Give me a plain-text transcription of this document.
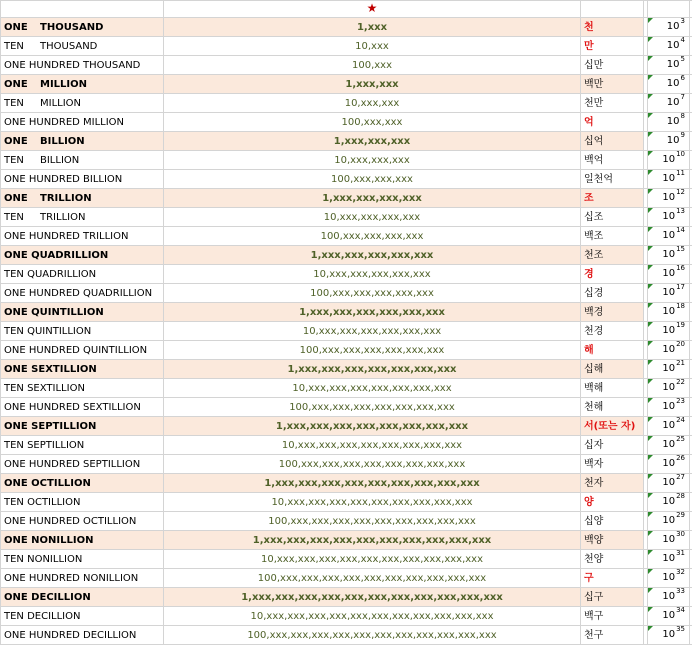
	★				
ONE THOUSAND	1,xxx	천		$10^3$	
TEN THOUSAND	10,xxx	만		$10^4$	
ONE HUNDRED THOUSAND	100,xxx	십만		$10^5$	
ONE MILLION	1,xxx,xxx	백만		$10^6$	
TEN MILLION	10,xxx,xxx	천만		$10^7$	
ONE HUNDRED MILLION	100,xxx,xxx	억		$10^8$	
ONE BILLION	1,xxx,xxx,xxx	십억		$10^9$	
TEN BILLION	10,xxx,xxx,xxx	백억		$10^{10}$	
ONE HUNDRED BILLION	100,xxx,xxx,xxx	일천억		$10^{11}$	
ONE TRILLION	1,xxx,xxx,xxx,xxx	조		$10^{12}$	
TEN TRILLION	10,xxx,xxx,xxx,xxx	십조		$10^{13}$	
ONE HUNDRED TRILLION	100,xxx,xxx,xxx,xxx	백조		$10^{14}$	
ONE QUADRILLION	1,xxx,xxx,xxx,xxx,xxx	천조		$10^{15}$	
TEN QUADRILLION	10,xxx,xxx,xxx,xxx,xxx	경		$10^{16}$	
ONE HUNDRED QUADRILLION	100,xxx,xxx,xxx,xxx,xxx	십경		$10^{17}$	
ONE QUINTILLION	1,xxx,xxx,xxx,xxx,xxx,xxx	백경		$10^{18}$	
TEN QUINTILLION	10,xxx,xxx,xxx,xxx,xxx,xxx	천경		$10^{19}$	
ONE HUNDRED QUINTILLION	100,xxx,xxx,xxx,xxx,xxx,xxx	해		$10^{20}$	
ONE SEXTILLION	1,xxx,xxx,xxx,xxx,xxx,xxx,xxx	십해		$10^{21}$	
TEN SEXTILLION	10,xxx,xxx,xxx,xxx,xxx,xxx,xxx	백해		$10^{22}$	
ONE HUNDRED SEXTILLION	100,xxx,xxx,xxx,xxx,xxx,xxx,xxx	천해		$10^{23}$	
ONE SEPTILLION	1,xxx,xxx,xxx,xxx,xxx,xxx,xxx,xxx	서(또는 자)		$10^{24}$	
TEN SEPTILLION	10,xxx,xxx,xxx,xxx,xxx,xxx,xxx,xxx	십자		$10^{25}$	
ONE HUNDRED SEPTILLION	100,xxx,xxx,xxx,xxx,xxx,xxx,xxx,xxx	백자		$10^{26}$	
ONE OCTILLION	1,xxx,xxx,xxx,xxx,xxx,xxx,xxx,xxx,xxx	천자		$10^{27}$	
TEN OCTILLION	10,xxx,xxx,xxx,xxx,xxx,xxx,xxx,xxx,xxx	양		$10^{28}$	
ONE HUNDRED OCTILLION	100,xxx,xxx,xxx,xxx,xxx,xxx,xxx,xxx,xxx	십양		$10^{29}$	
ONE NONILLION	1,xxx,xxx,xxx,xxx,xxx,xxx,xxx,xxx,xxx,xxx	백양		$10^{30}$	
TEN NONILLION	10,xxx,xxx,xxx,xxx,xxx,xxx,xxx,xxx,xxx,xxx	천양		$10^{31}$	
ONE HUNDRED NONILLION	100,xxx,xxx,xxx,xxx,xxx,xxx,xxx,xxx,xxx,xxx	구		$10^{32}$	
ONE DECILLION	1,xxx,xxx,xxx,xxx,xxx,xxx,xxx,xxx,xxx,xxx,xxx	십구		$10^{33}$	
TEN DECILLION	10,xxx,xxx,xxx,xxx,xxx,xxx,xxx,xxx,xxx,xxx,xxx	백구		$10^{34}$	
ONE HUNDRED DECILLION	100,xxx,xxx,xxx,xxx,xxx,xxx,xxx,xxx,xxx,xxx,xxx	천구		$10^{35}$	
